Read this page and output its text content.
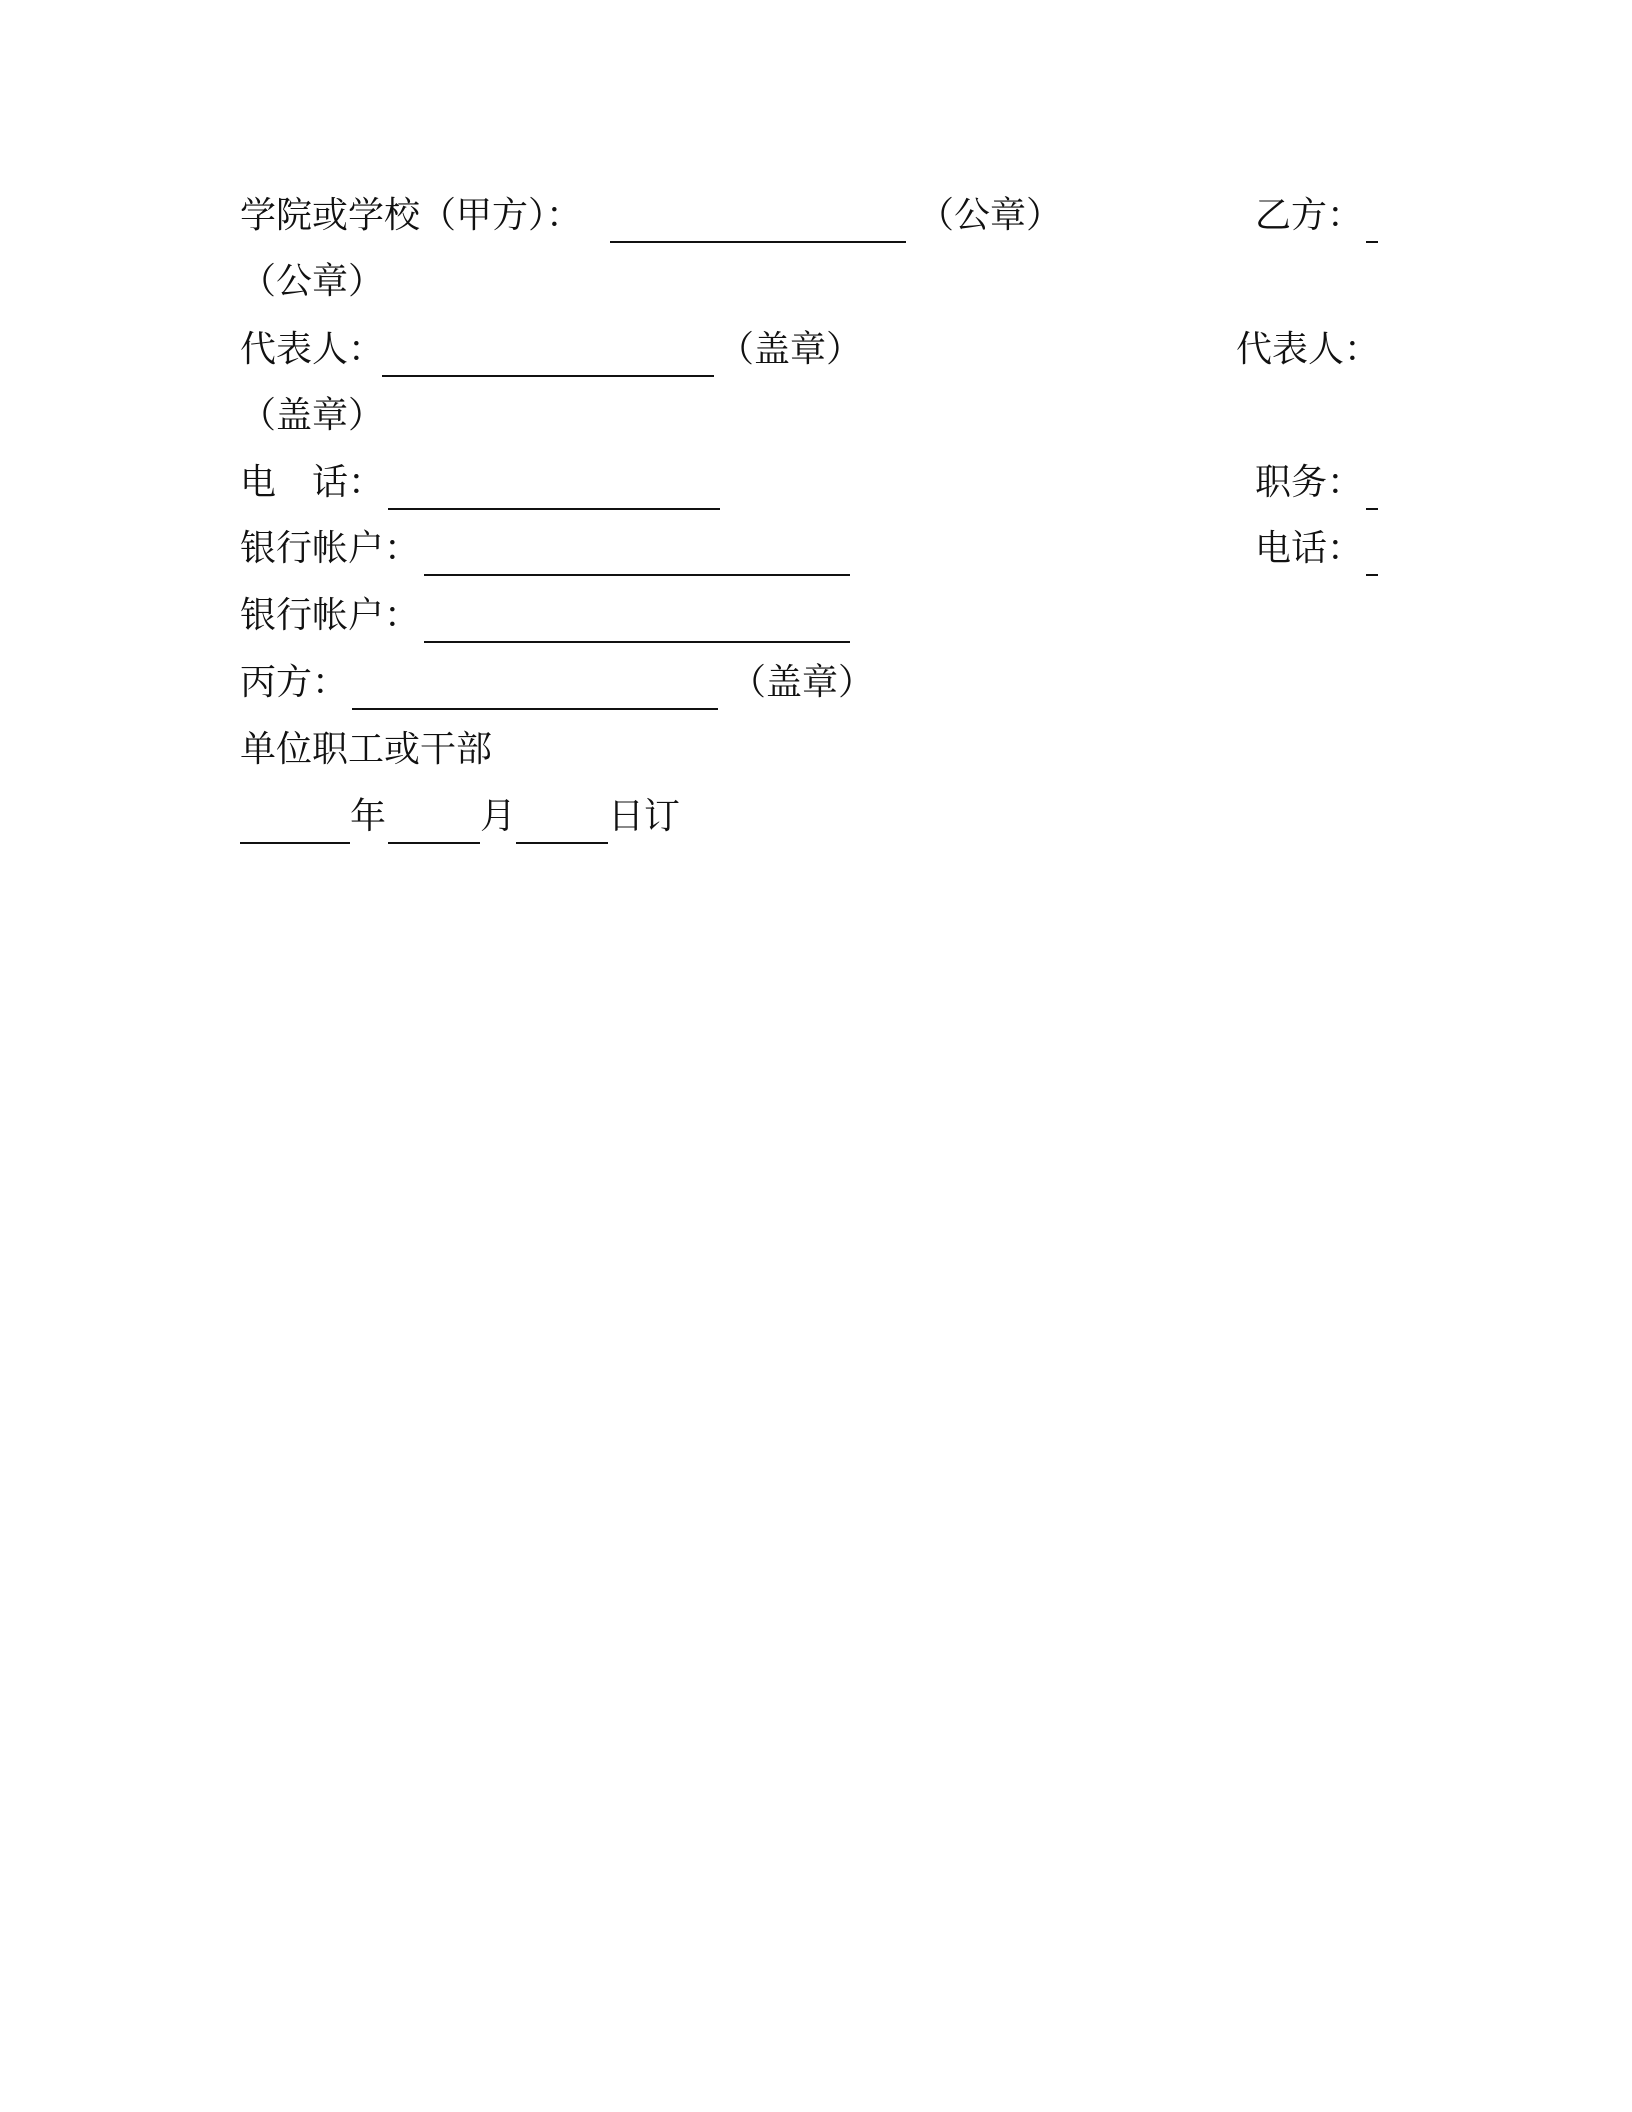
学院或学校（甲方）：	（公章）	乙方：
（公章）
代表人：	（盖章）	代表人：
（盖章）
电　话：	职务：
银行帐户：	电话：
银行帐户：
丙方：	（盖章）
单位职工或干部
年	月	日订
